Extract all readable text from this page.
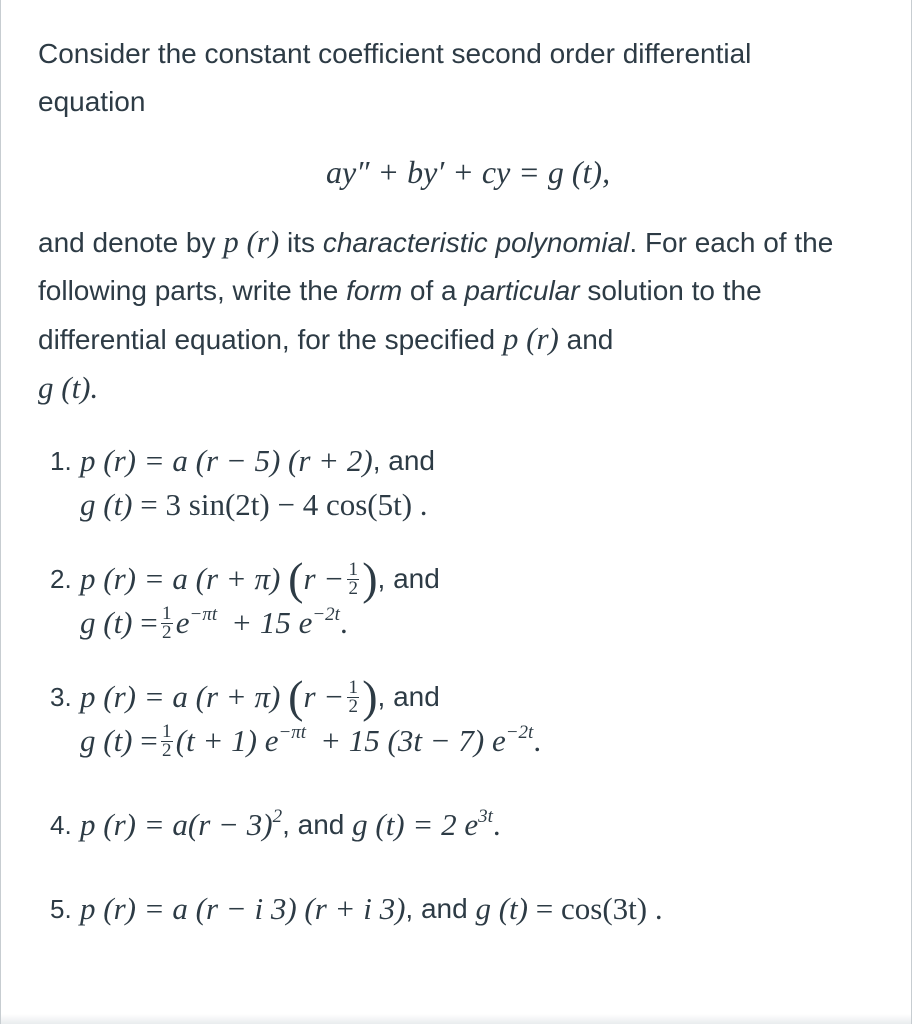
Consider the constant coefficient second order differential
equation

ay″ + by′ + cy = g (t),

and denote by p (r) its characteristic polynomial. For each of the following parts, write the form of a particular solution to the differential equation, for the specified p (r) and
g (t).

1. p (r)
= a (r − 5) (r + 2) , and
g (t)
= 3 sin(2t) − 4 cos(5t) .
2. p (r)
= a (r + π)
( $r - \frac{1}{2}$ ) , and
g (t)
= $\frac{1}{2} e^{-\pi t} + 15$ $e^{-2t}$ .
3. p (r)
= a (r + π)
( $r - \frac{1}{2}$ ) , and
g (t)
= $\frac{1}{2} (t + 1) e^{-\pi t} + 15$ (3t − 7) $e^{-2t}$ .
4. p (r)
= $a(r - 3)^2$ , and
g (t)
= 2 $e^{3t}$ .
5. p (r)
= a (r − i 3) (r + i 3) , and
g (t)
= cos(3t) .
